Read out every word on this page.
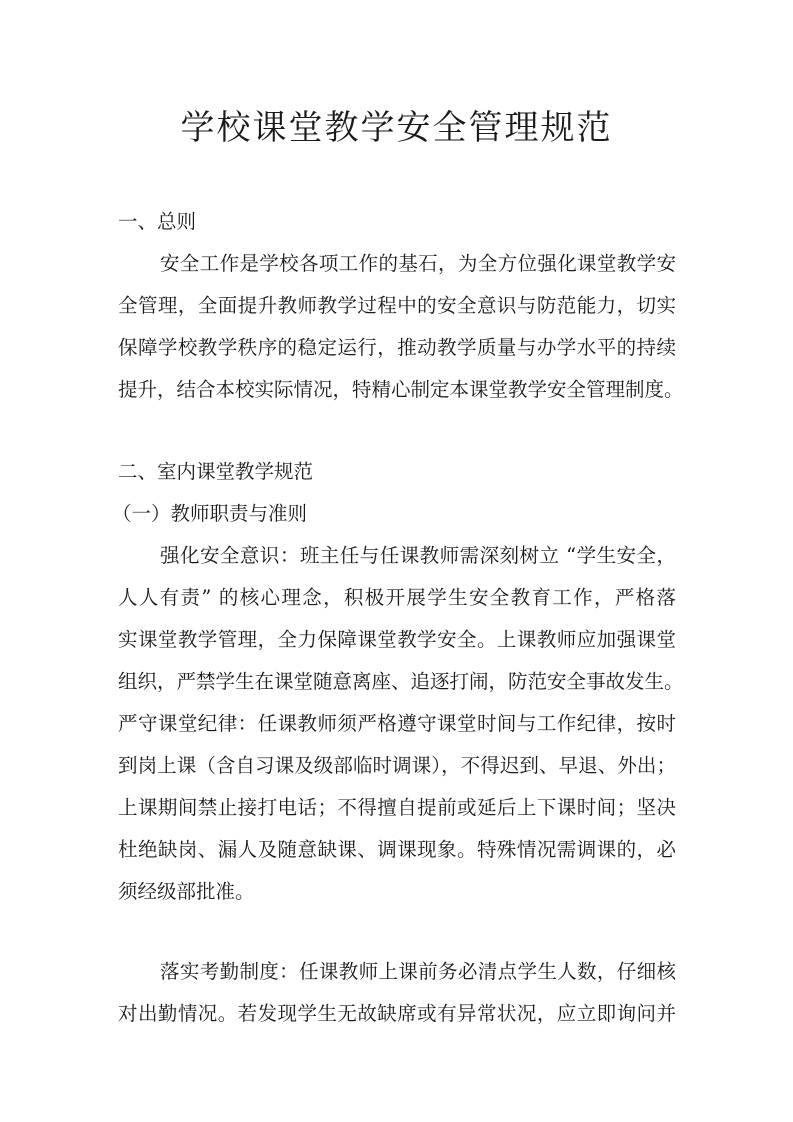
学校课堂教学安全管理规范
一、总则
安全工作是学校各项工作的基石，为全方位强化课堂教学安
全管理，全面提升教师教学过程中的安全意识与防范能力，切实
保障学校教学秩序的稳定运行，推动教学质量与办学水平的持续
提升，结合本校实际情况，特精心制定本课堂教学安全管理制度。
二、室内课堂教学规范
（一）教师职责与准则
强化安全意识：班主任与任课教师需深刻树立 “学生安全，
人人有责” 的核心理念，积极开展学生安全教育工作，严格落
实课堂教学管理，全力保障课堂教学安全。上课教师应加强课堂
组织，严禁学生在课堂随意离座、追逐打闹，防范安全事故发生。
严守课堂纪律：任课教师须严格遵守课堂时间与工作纪律，按时
到岗上课（含自习课及级部临时调课），不得迟到、早退、外出；
上课期间禁止接打电话；不得擅自提前或延后上下课时间；坚决
杜绝缺岗、漏人及随意缺课、调课现象。特殊情况需调课的，必
须经级部批准。
落实考勤制度：任课教师上课前务必清点学生人数，仔细核
对出勤情况。若发现学生无故缺席或有异常状况，应立即询问并
